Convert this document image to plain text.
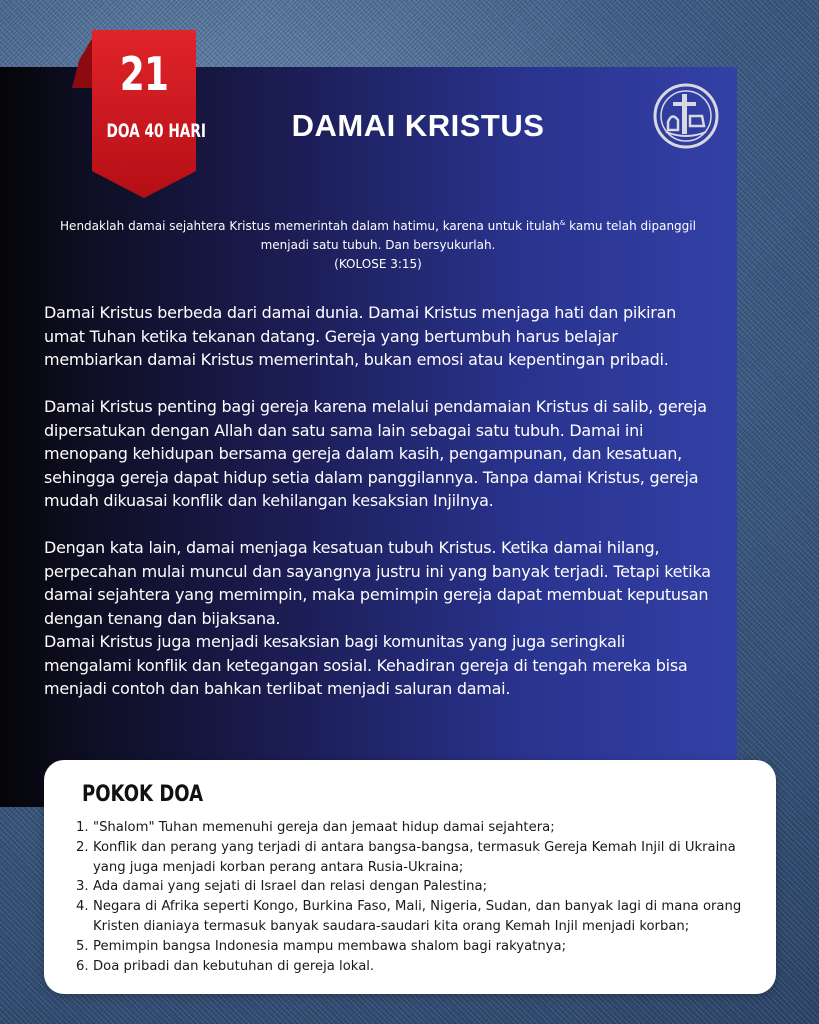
21
DOA 40 HARI	DAMAI KRISTUS
Hendaklah damai sejahtera Kristus memerintah dalam hatimu, karena untuk itulah& kamu telah dipanggil
menjadi satu tubuh. Dan bersyukurlah.
(KOLOSE 3:15)

Damai Kristus berbeda dari damai dunia. Damai Kristus menjaga hati dan pikiran umat Tuhan ketika tekanan datang. Gereja yang bertumbuh harus belajar membiarkan damai Kristus memerintah, bukan emosi atau kepentingan pribadi.

Damai Kristus penting bagi gereja karena melalui pendamaian Kristus di salib, gereja dipersatukan dengan Allah dan satu sama lain sebagai satu tubuh. Damai ini menopang kehidupan bersama gereja dalam kasih, pengampunan, dan kesatuan, sehingga gereja dapat hidup setia dalam panggilannya. Tanpa damai Kristus, gereja mudah dikuasai konflik dan kehilangan kesaksian Injilnya.

Dengan kata lain, damai menjaga kesatuan tubuh Kristus. Ketika damai hilang, perpecahan mulai muncul dan sayangnya justru ini yang banyak terjadi. Tetapi ketika damai sejahtera yang memimpin, maka pemimpin gereja dapat membuat keputusan dengan tenang dan bijaksana.

Damai Kristus juga menjadi kesaksian bagi komunitas yang juga seringkali mengalami konflik dan ketegangan sosial. Kehadiran gereja di tengah mereka bisa menjadi contoh dan bahkan terlibat menjadi saluran damai.

POKOK DOA
1. "Shalom" Tuhan memenuhi gereja dan jemaat hidup damai sejahtera;
2. Konflik dan perang yang terjadi di antara bangsa-bangsa, termasuk Gereja Kemah Injil di Ukraina yang juga menjadi korban perang antara Rusia-Ukraina;
3. Ada damai yang sejati di Israel dan relasi dengan Palestina;
4. Negara di Afrika seperti Kongo, Burkina Faso, Mali, Nigeria, Sudan, dan banyak lagi di mana orang Kristen dianiaya termasuk banyak saudara-saudari kita orang Kemah Injil menjadi korban;
5. Pemimpin bangsa Indonesia mampu membawa shalom bagi rakyatnya;
6. Doa pribadi dan kebutuhan di gereja lokal.
